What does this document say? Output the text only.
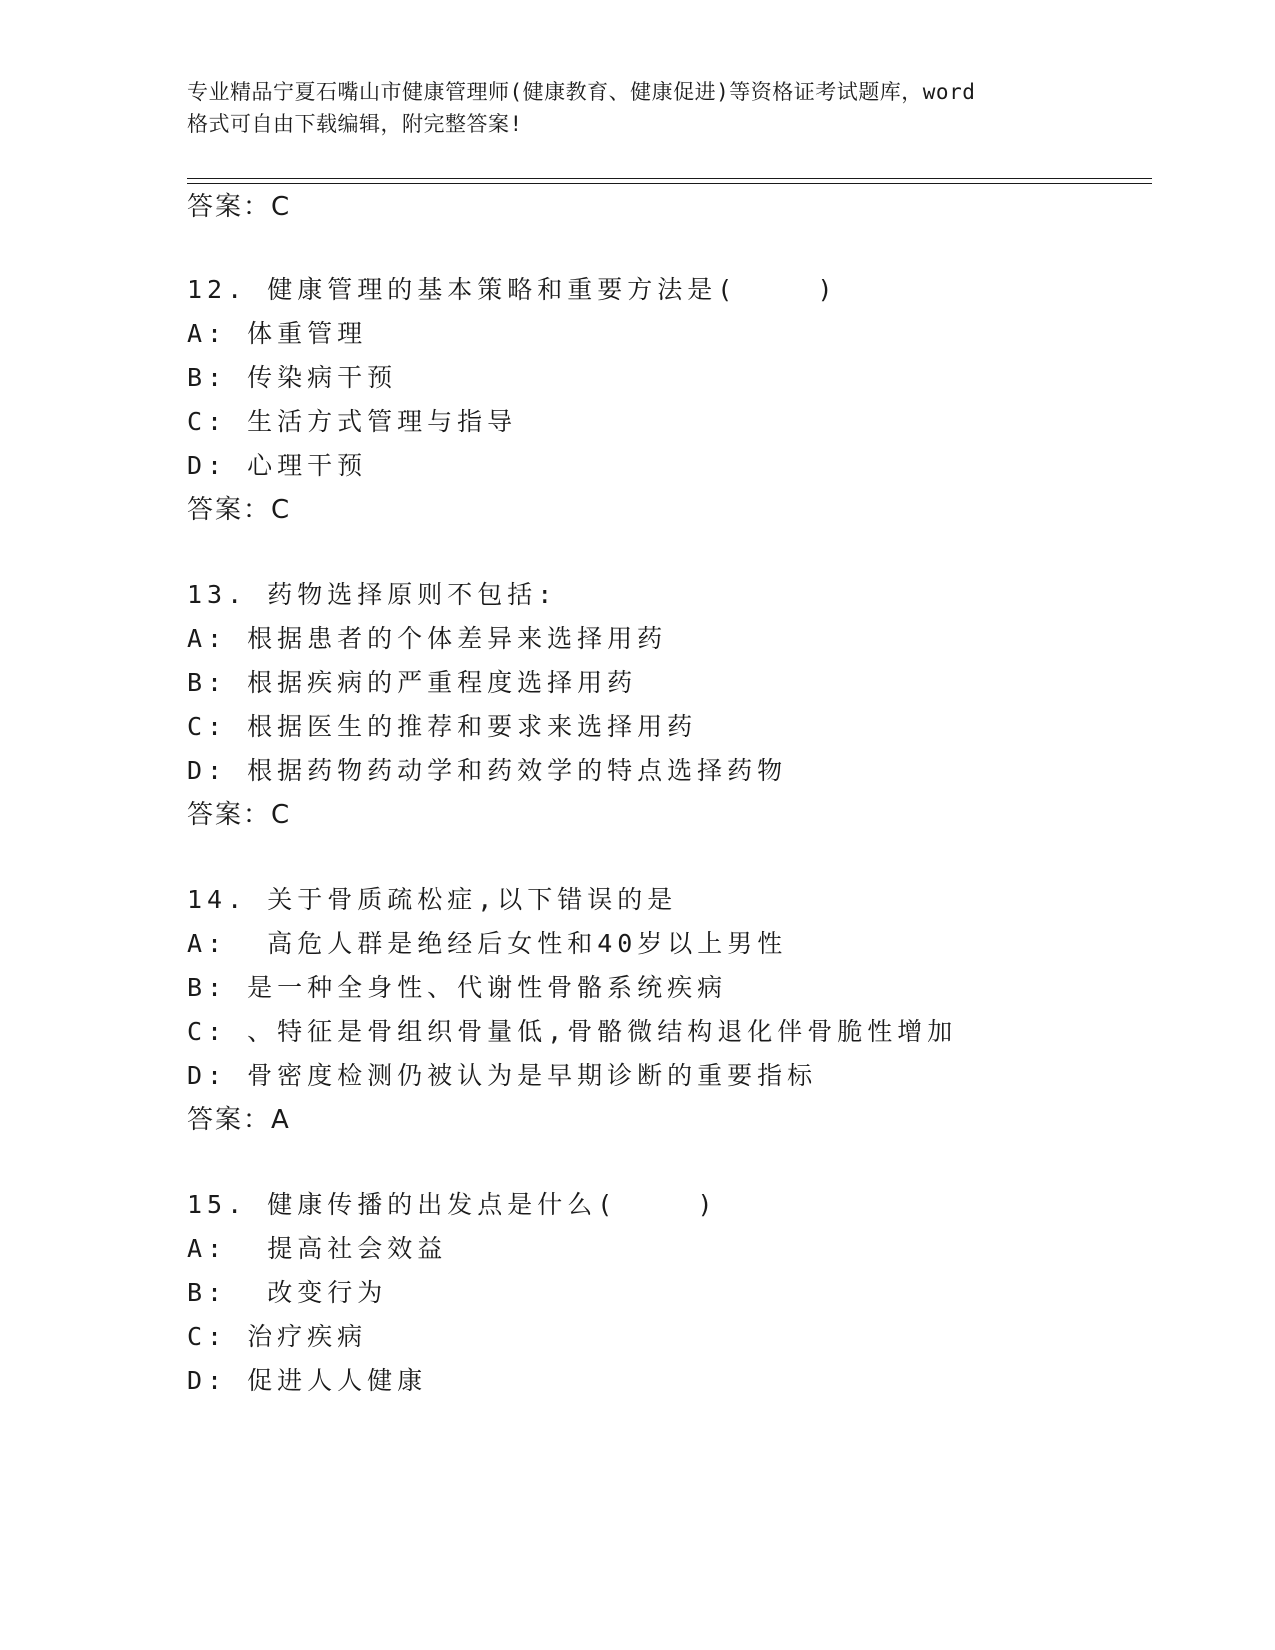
专业精品宁夏石嘴山市健康管理师(健康教育、健康促进)等资格证考试题库，word
格式可自由下载编辑，附完整答案!
答案：C
12. 健康管理的基本策略和重要方法是(    )
A: 体重管理
B: 传染病干预
C: 生活方式管理与指导
D: 心理干预
答案：C
13. 药物选择原则不包括:
A: 根据患者的个体差异来选择用药
B: 根据疾病的严重程度选择用药
C: 根据医生的推荐和要求来选择用药
D: 根据药物药动学和药效学的特点选择药物
答案：C
14. 关于骨质疏松症,以下错误的是
A:  高危人群是绝经后女性和40岁以上男性
B: 是一种全身性、代谢性骨骼系统疾病
C: 、特征是骨组织骨量低,骨骼微结构退化伴骨脆性增加
D: 骨密度检测仍被认为是早期诊断的重要指标
答案：A
15. 健康传播的出发点是什么(    )
A:  提高社会效益
B:  改变行为
C: 治疗疾病
D: 促进人人健康
